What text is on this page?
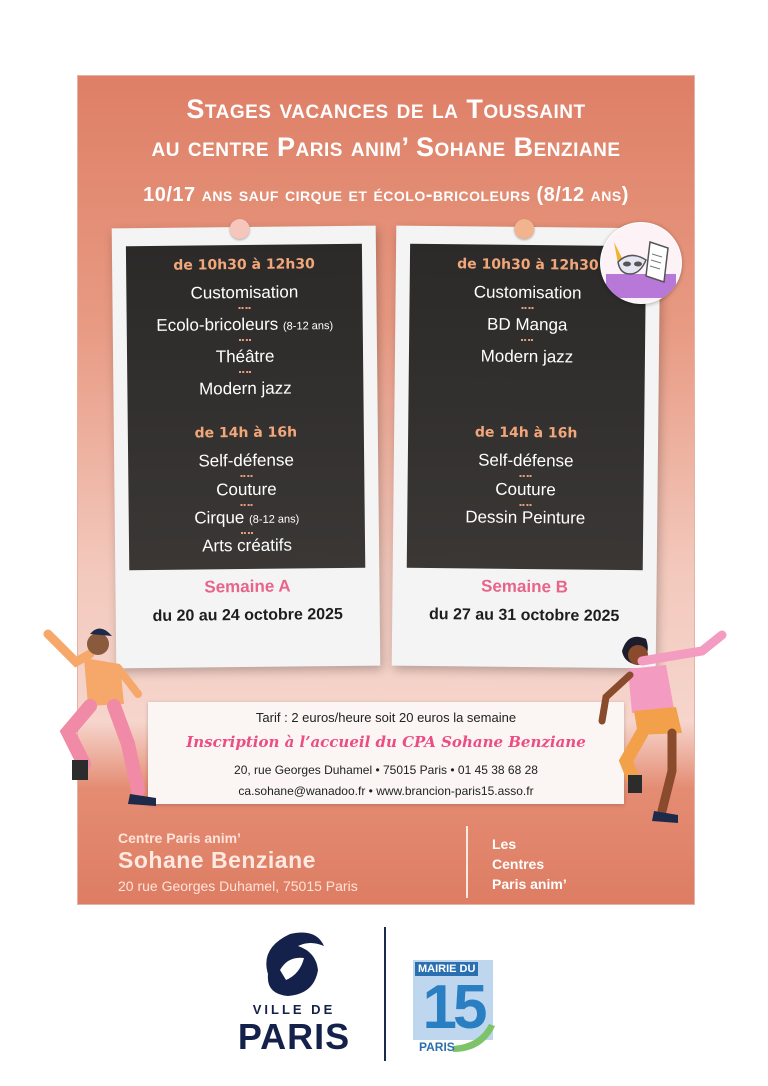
Stages vacances de la Toussaint
au centre Paris anim’ Sohane Benziane
10/17 ans sauf cirque et écolo-bricoleurs (8/12 ans)
de 10h30 à 12h30
Customisation
Ecolo-bricoleurs (8-12 ans)
Théâtre
Modern jazz
de 14h à 16h
Self-défense
Couture
Cirque (8-12 ans)
Arts créatifs
Semaine A
du 20 au 24 octobre 2025
de 10h30 à 12h30
Customisation
BD Manga
Modern jazz
de 14h à 16h
Self-défense
Couture
Dessin Peinture
Semaine B
du 27 au 31 octobre 2025
Tarif : 2 euros/heure soit 20 euros la semaine
Inscription à l’accueil du CPA Sohane Benziane
20, rue Georges Duhamel • 75015 Paris • 01 45 38 68 28
ca.sohane@wanadoo.fr • www.brancion-paris15.asso.fr
Centre Paris anim’
Sohane Benziane
20 rue Georges Duhamel, 75015 Paris
Les
Centres
Paris anim’
VILLE DE
PARIS
MAIRIE DU
15
PARIS
